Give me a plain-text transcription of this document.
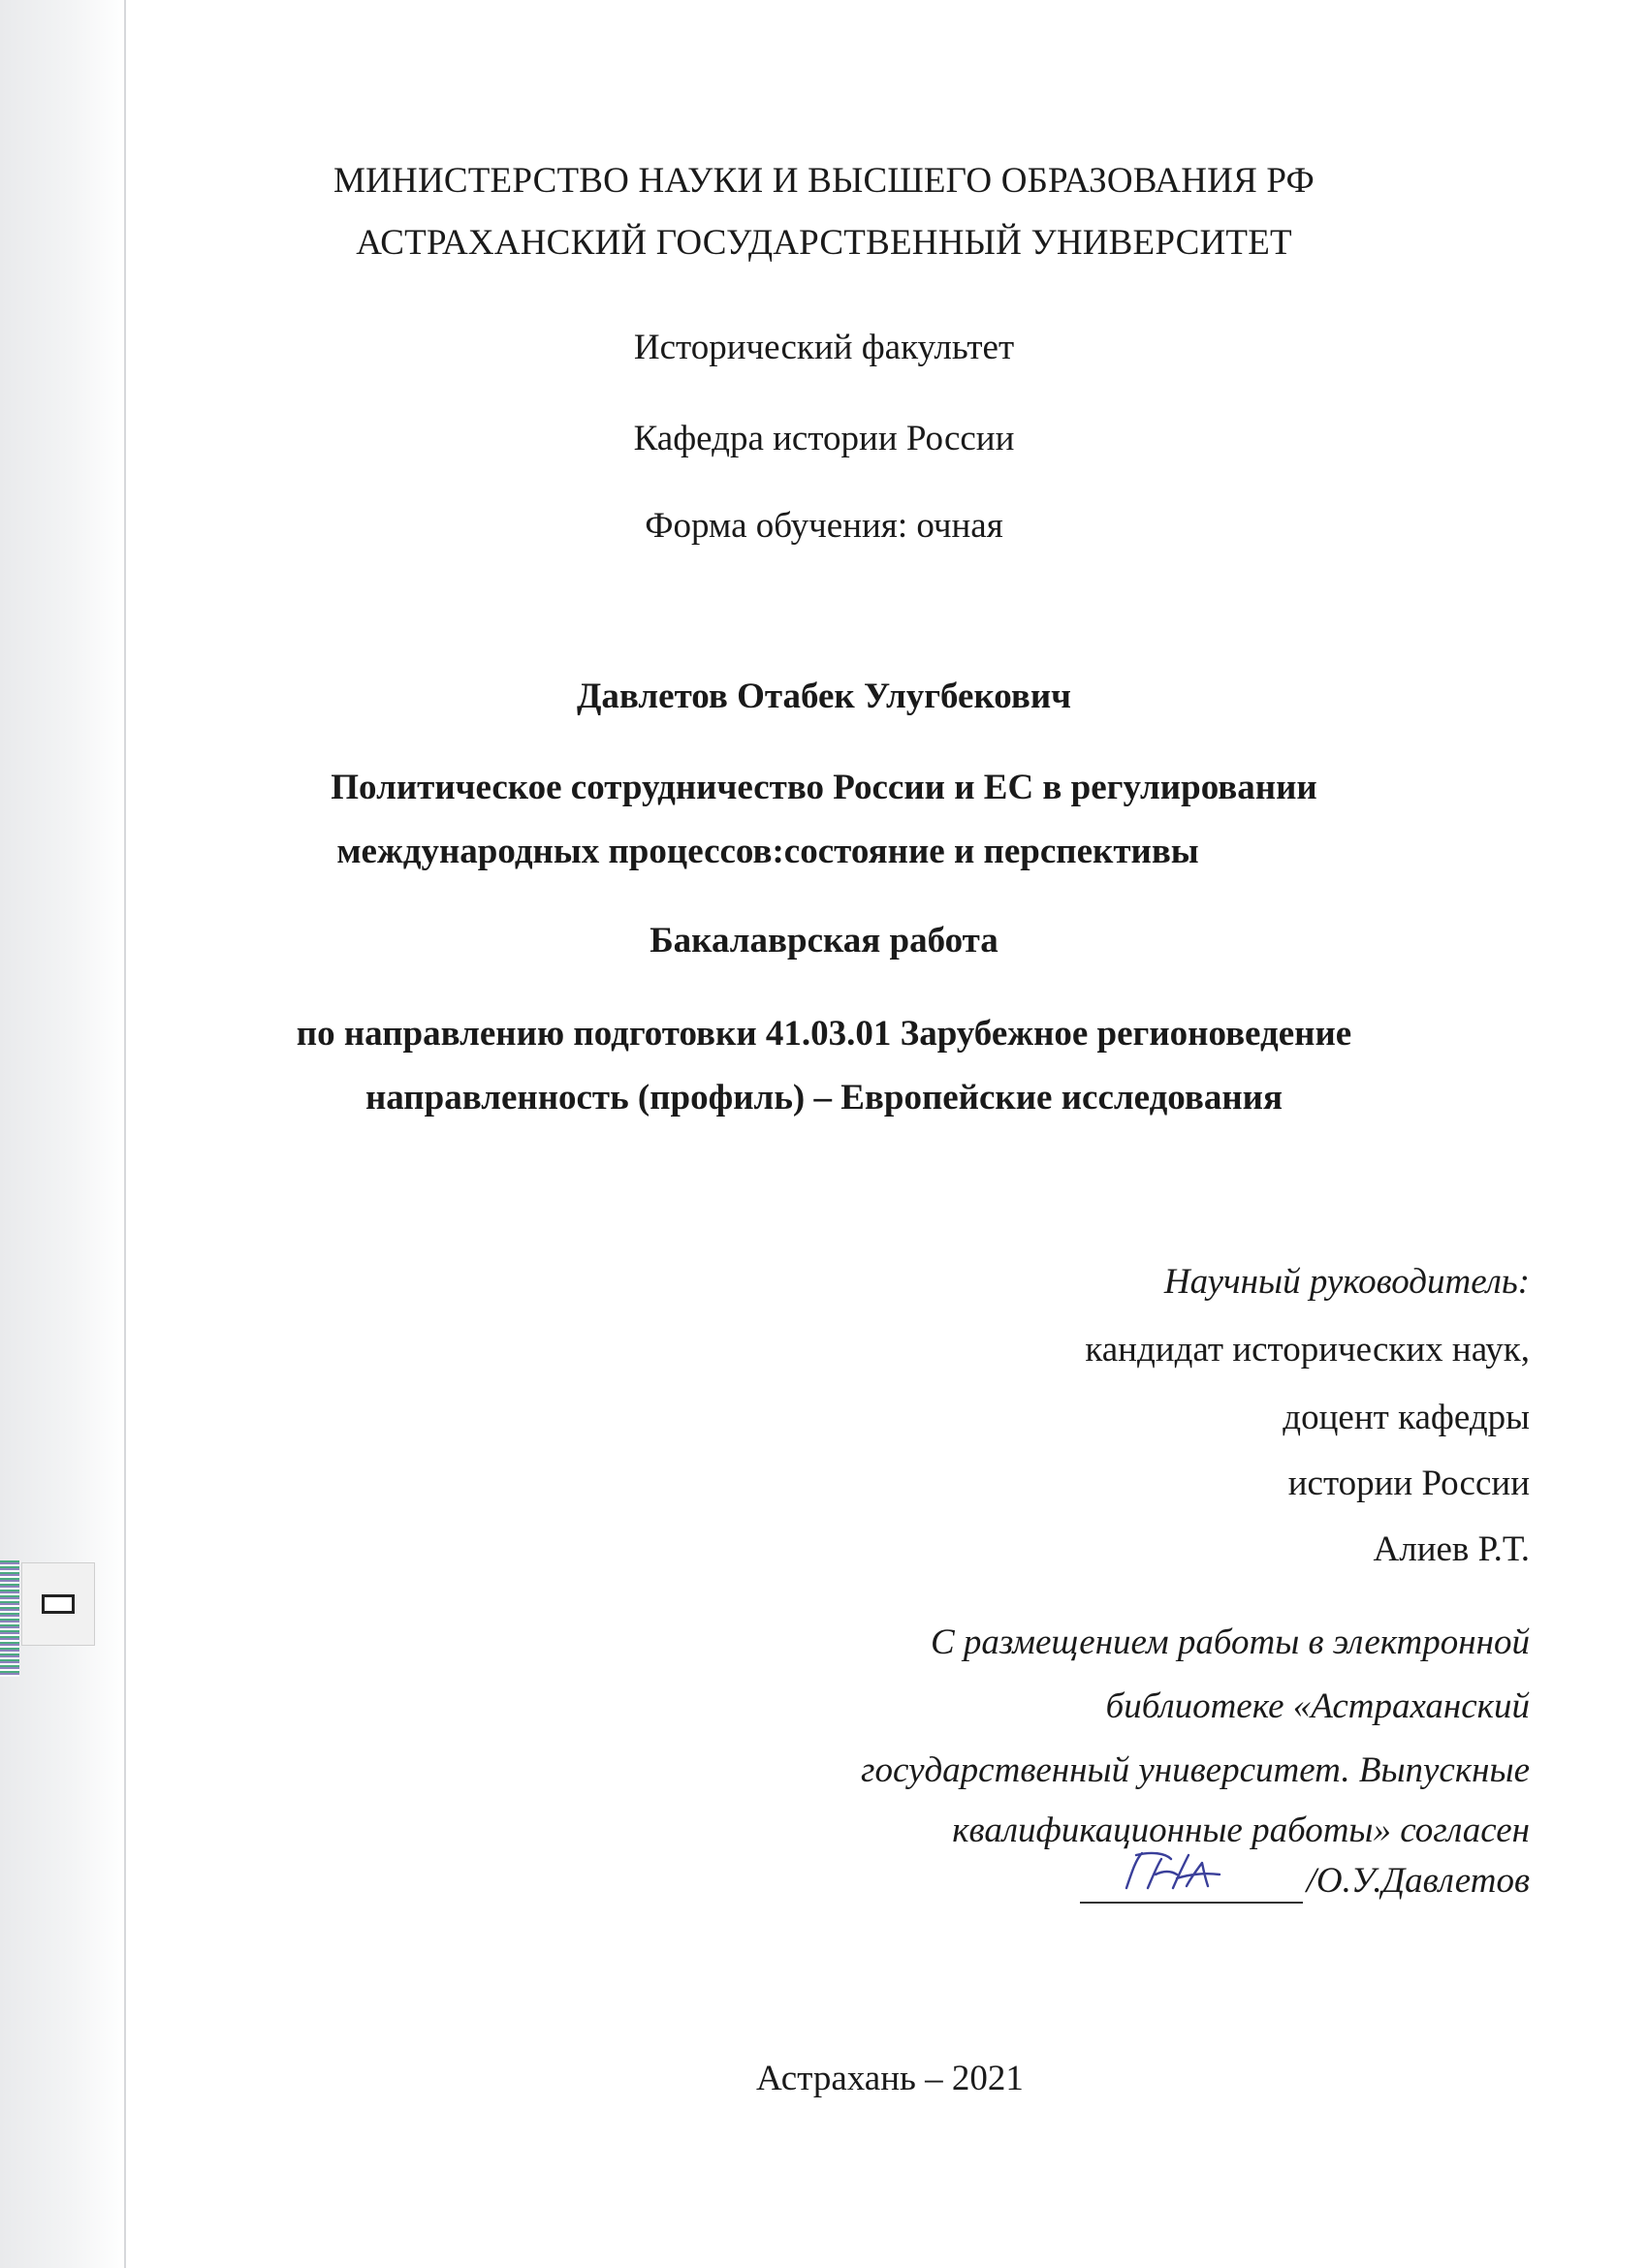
МИНИСТЕРСТВО НАУКИ И ВЫСШЕГО ОБРАЗОВАНИЯ РФ
АСТРАХАНСКИЙ ГОСУДАРСТВЕННЫЙ УНИВЕРСИТЕТ
Исторический факультет
Кафедра истории России
Форма обучения: очная
Давлетов Отабек Улугбекович
Политическое сотрудничество России и ЕС в регулировании
международных процессов:состояние и перспективы
Бакалаврская работа
по направлению подготовки 41.03.01 Зарубежное регионоведение
направленность (профиль) – Европейские исследования
Научный руководитель:
кандидат исторических наук,
доцент кафедры
истории России
Алиев Р.Т.
С размещением работы в электронной
библиотеке «Астраханский
государственный университет. Выпускные
квалификационные работы» согласен
/О.У.Давлетов
Астрахань – 2021
